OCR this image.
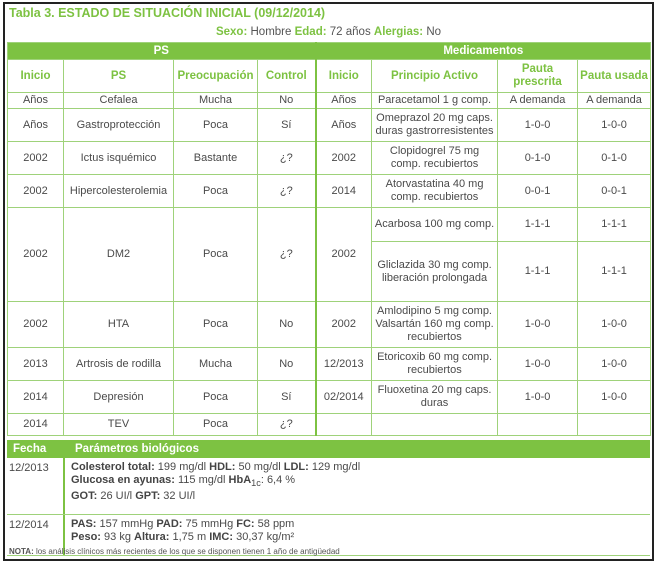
Tabla 3. ESTADO DE SITUACIÓN INICIAL (09/12/2014)
Sexo: Hombre Edad: 72 años Alergias: No
PS				Medicamentos			
Inicio	PS	Preocupación	Control	Inicio	Principio Activo	Pauta prescrita	Pauta usada
Años	Cefalea	Mucha	No	Años	Paracetamol 1 g comp.	A demanda	A demanda
Años	Gastroprotección	Poca	Sí	Años	Omeprazol 20 mg caps. duras gastrorresistentes	1-0-0	1-0-0
2002	Ictus isquémico	Bastante	¿?	2002	Clopidogrel 75 mg comp. recubiertos	0-1-0	0-1-0
2002	Hipercolesterolemia	Poca	¿?	2014	Atorvastatina 40 mg comp. recubiertos	0-0-1	0-0-1
2002	DM2	Poca	¿?	2002	Acarbosa 100 mg comp.	1-1-1	1-1-1
					Gliclazida 30 mg comp. liberación prolongada	1-1-1	1-1-1
2002	HTA	Poca	No	2002	Amlodipino 5 mg comp. Valsartán 160 mg comp. recubiertos	1-0-0	1-0-0
2013	Artrosis de rodilla	Mucha	No	12/2013	Etoricoxib 60 mg comp. recubiertos	1-0-0	1-0-0
2014	Depresión	Poca	Sí	02/2014	Fluoxetina 20 mg caps. duras	1-0-0	1-0-0
2014	TEV	Poca	¿?				
Fecha	Parámetros biológicos
12/2013	Colesterol total: 199 mg/dl HDL: 50 mg/dl LDL: 129 mg/dl
Glucosa en ayunas: 115 mg/dl HbA$_{1c}$: 6,4 %
GOT: 26 UI/l GPT: 32 UI/l
12/2014	PAS: 157 mmHg PAD: 75 mmHg FC: 58 ppm
Peso: 93 kg Altura: 1,75 m IMC: 30,37 kg/m²
NOTA: los análisis clínicos más recientes de los que se disponen tienen 1 año de antigüedad
